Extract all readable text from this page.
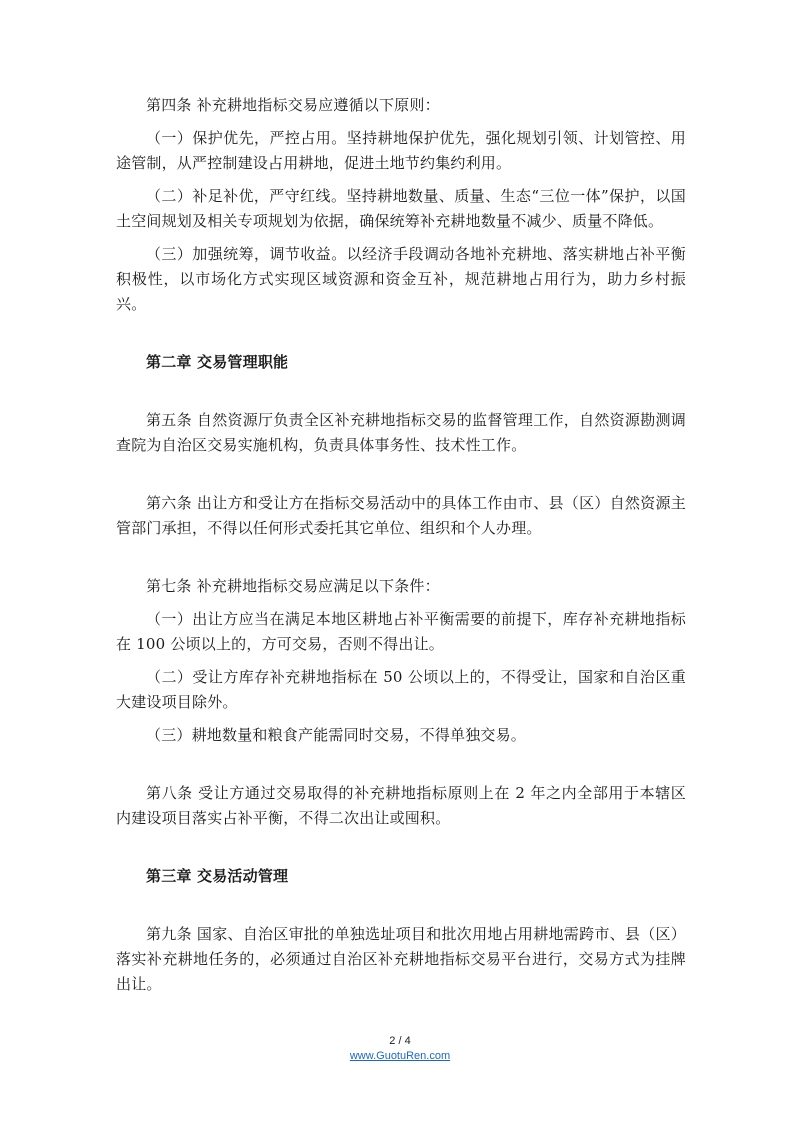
第四条 补充耕地指标交易应遵循以下原则：

（一）保护优先，严控占用。坚持耕地保护优先，强化规划引领、计划管控、用途管制，从严控制建设占用耕地，促进土地节约集约利用。

（二）补足补优，严守红线。坚持耕地数量、质量、生态“三位一体”保护，以国土空间规划及相关专项规划为依据，确保统筹补充耕地数量不减少、质量不降低。

（三）加强统筹，调节收益。以经济手段调动各地补充耕地、落实耕地占补平衡积极性，以市场化方式实现区域资源和资金互补，规范耕地占用行为，助力乡村振兴。

第二章 交易管理职能

第五条 自然资源厅负责全区补充耕地指标交易的监督管理工作，自然资源勘测调查院为自治区交易实施机构，负责具体事务性、技术性工作。

第六条 出让方和受让方在指标交易活动中的具体工作由市、县（区）自然资源主管部门承担，不得以任何形式委托其它单位、组织和个人办理。

第七条 补充耕地指标交易应满足以下条件：

（一）出让方应当在满足本地区耕地占补平衡需要的前提下，库存补充耕地指标在 100 公顷以上的，方可交易，否则不得出让。

（二）受让方库存补充耕地指标在 50 公顷以上的，不得受让，国家和自治区重大建设项目除外。

（三）耕地数量和粮食产能需同时交易，不得单独交易。

第八条 受让方通过交易取得的补充耕地指标原则上在 2 年之内全部用于本辖区内建设项目落实占补平衡，不得二次出让或囤积。

第三章 交易活动管理

第九条 国家、自治区审批的单独选址项目和批次用地占用耕地需跨市、县（区）落实补充耕地任务的，必须通过自治区补充耕地指标交易平台进行，交易方式为挂牌出让。

2 / 4
www.GuotuRen.com
